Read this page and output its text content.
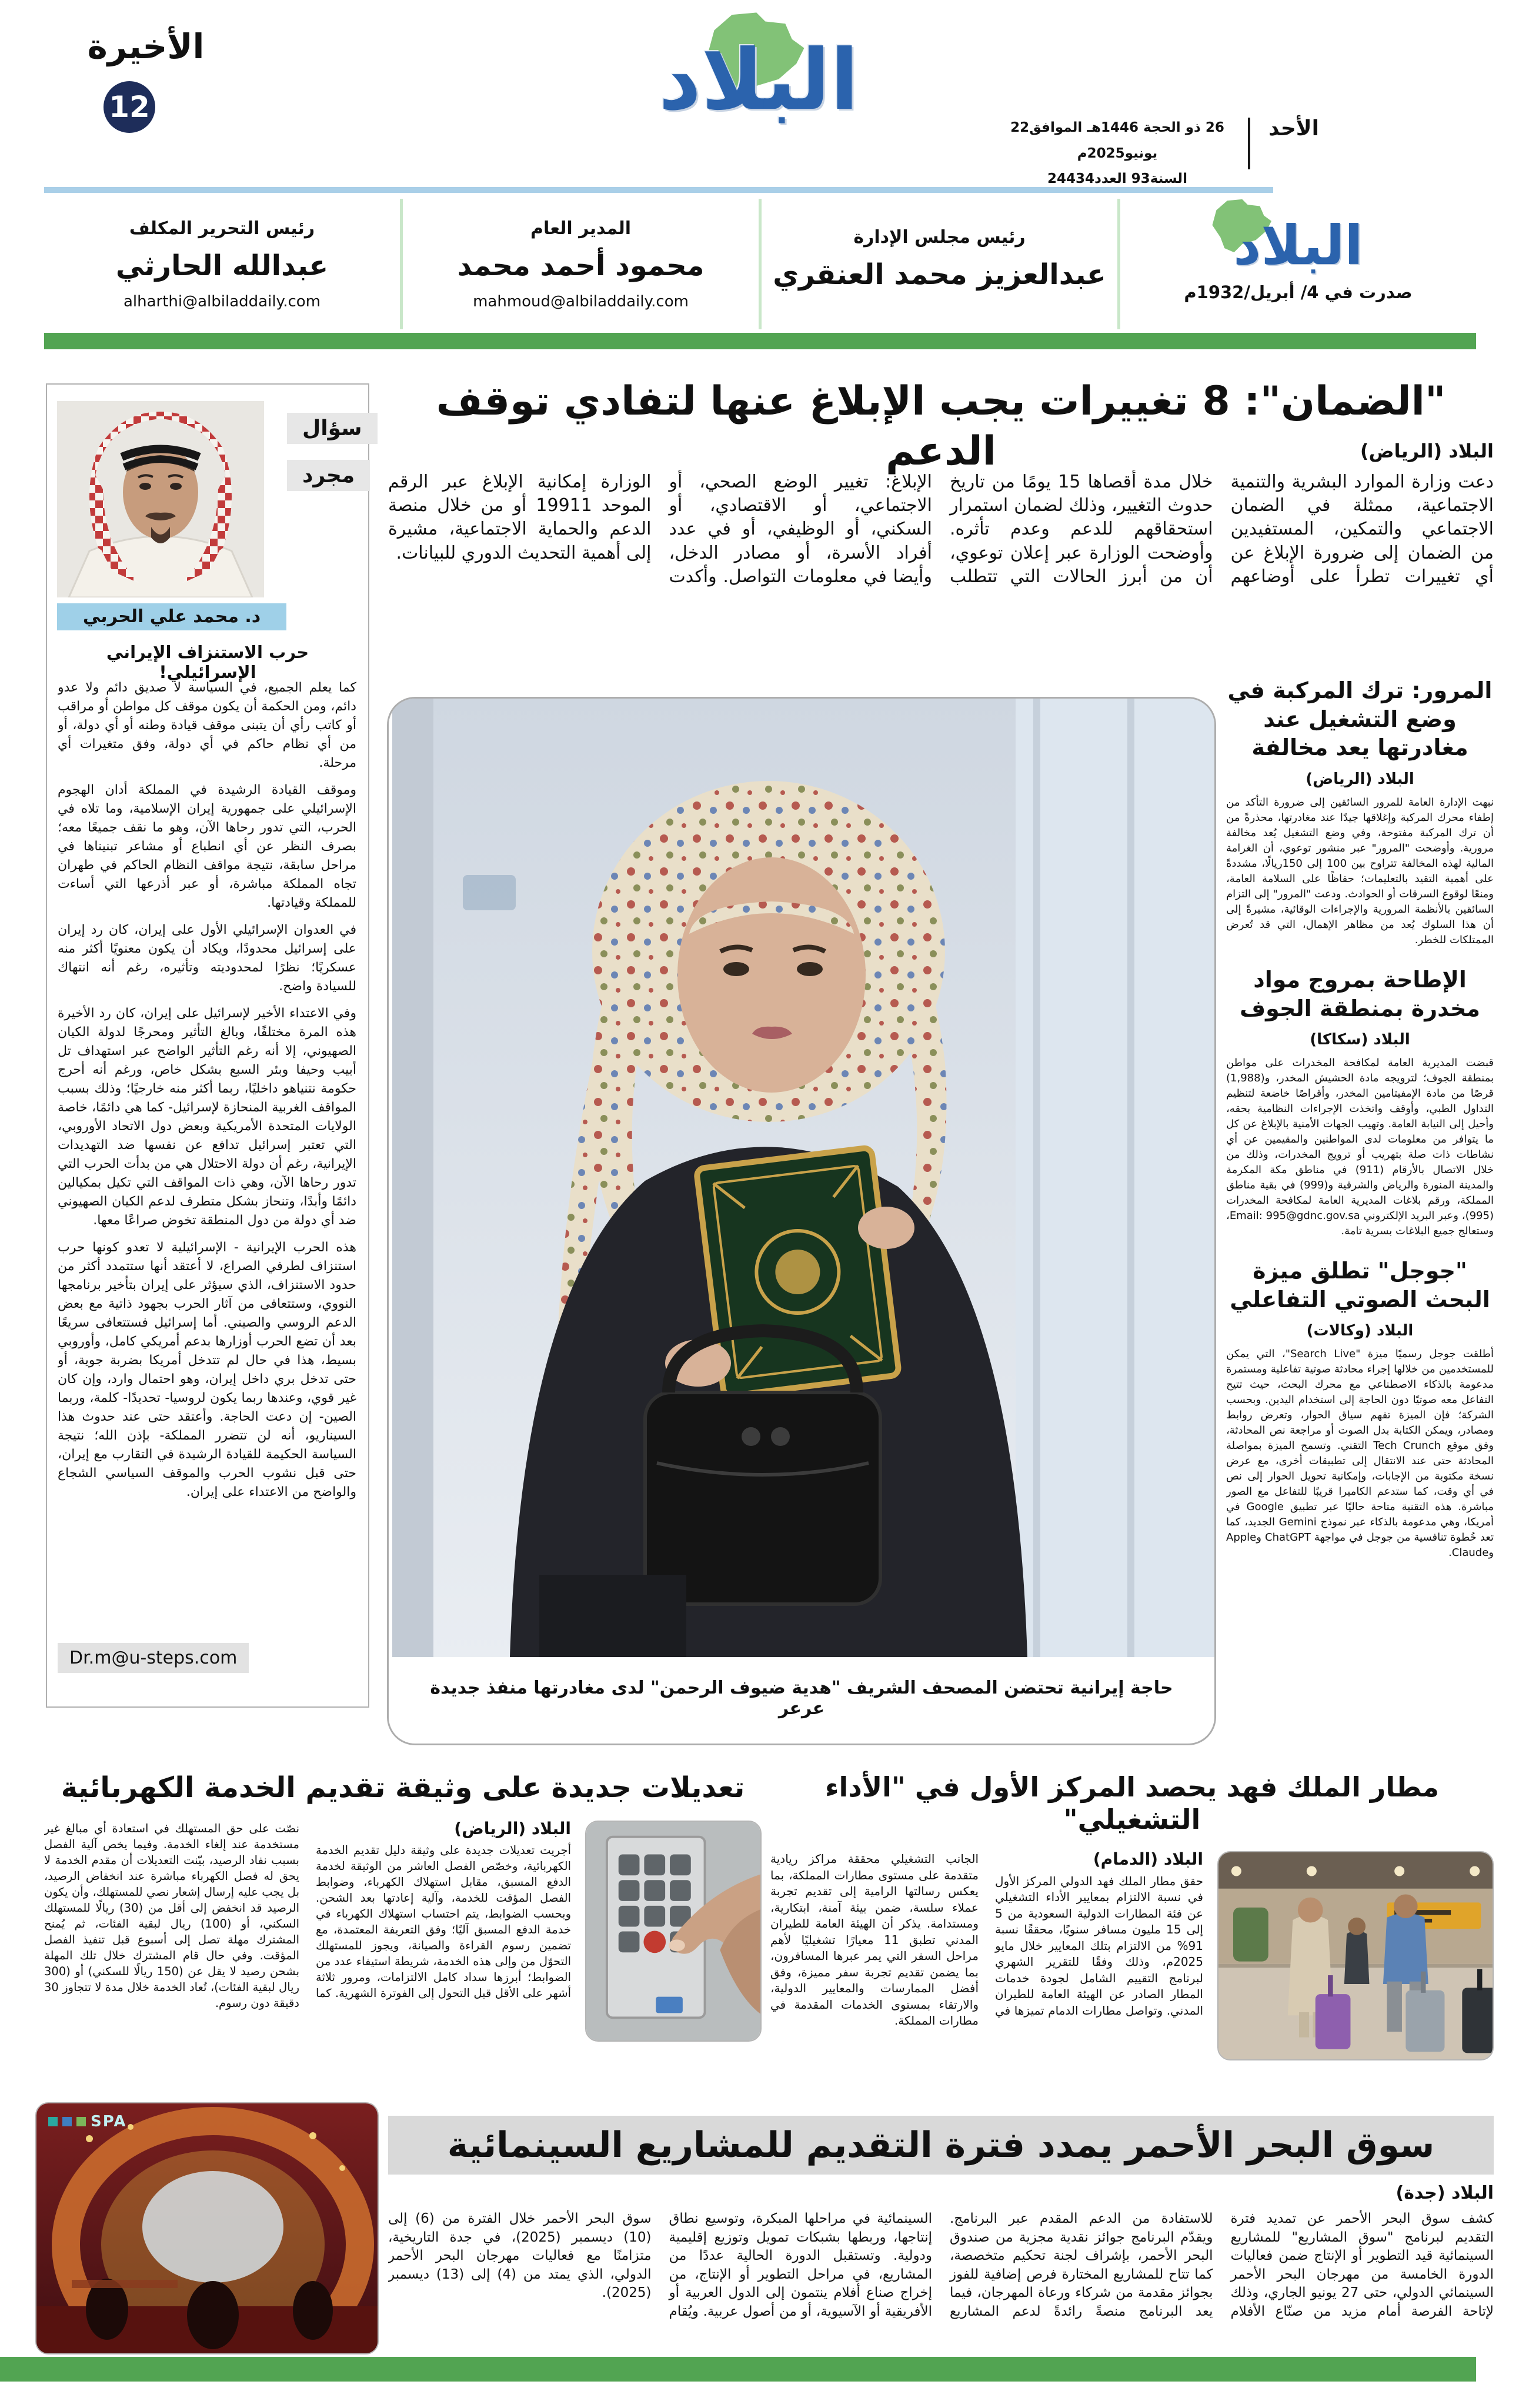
الأخيرة
12	البلاد	الأحد
26 ذو الحجة 1446هـ الموافق22 يونيو2025م
السنة93 العدد24434
البلاد
صدرت في 4/ أبريل/1932م
رئيس مجلس الإدارة
عبدالعزيز محمد العنقري
المدير العام
محمود أحمد محمد
mahmoud@albiladdaily.com
رئيس التحرير المكلف
عبدالله الحارثي
alharthi@albiladdaily.com
"الضمان": 8 تغييرات يجب الإبلاغ عنها لتفادي توقف الدعم	البلاد (الرياض)
دعت وزارة الموارد البشرية والتنمية الاجتماعية، ممثلة في الضمان الاجتماعي والتمكين، المستفيدين من الضمان إلى ضرورة الإبلاغ عن أي تغييرات تطرأ على أوضاعهم خلال مدة أقصاها 15 يومًا من تاريخ حدوث التغيير، وذلك لضمان استمرار استحقاقهم للدعم وعدم تأثره. وأوضحت الوزارة عبر إعلان توعوي، أن من أبرز الحالات التي تتطلب الإبلاغ: تغيير الوضع الصحي، أو الاجتماعي، أو الاقتصادي، أو السكني، أو الوظيفي، أو في عدد أفراد الأسرة، أو مصادر الدخل، وأيضا في معلومات التواصل. وأكدت الوزارة إمكانية الإبلاغ عبر الرقم الموحد 19911 أو من خلال منصة الدعم والحماية الاجتماعية، مشيرة إلى أهمية التحديث الدوري للبيانات.
سؤال
مجرد
د. محمد علي الحربي
حرب الاستنزاف الإيراني الإسرائيلي!

كما يعلم الجميع، في السياسة لا صديق دائم ولا عدو دائم، ومن الحكمة أن يكون موقف كل مواطن أو مراقب أو كاتب رأي أن يتبنى موقف قيادة وطنه أو أي دولة، أو من أي نظام حاكم في أي دولة، وفق متغيرات أي مرحلة.

وموقف القيادة الرشيدة في المملكة أدان الهجوم الإسرائيلي على جمهورية إيران الإسلامية، وما تلاه في الحرب، التي تدور رحاها الآن، وهو ما نقف جميعًا معه؛ بصرف النظر عن أي انطباع أو مشاعر تبنيناها في مراحل سابقة، نتيجة مواقف النظام الحاكم في طهران تجاه المملكة مباشرة، أو عبر أذرعها التي أساءت للمملكة وقيادتها.

في العدوان الإسرائيلي الأول على إيران، كان رد إيران على إسرائيل محدودًا، ويكاد أن يكون معنويًا أكثر منه عسكريًا؛ نظرًا لمحدوديته وتأثيره، رغم أنه انتهاك للسيادة واضح.

وفي الاعتداء الأخير لإسرائيل على إيران، كان رد الأخيرة هذه المرة مختلفًا، وبالغ التأثير ومحرجًا لدولة الكيان الصهيوني، إلا أنه رغم التأثير الواضح عبر استهداف تل أبيب وحيفا وبئر السبع بشكل خاص، ورغم أنه أحرج حكومة نتنياهو داخليًا، ربما أكثر منه خارجيًا؛ وذلك بسبب المواقف الغربية المنحازة لإسرائيل- كما هي دائمًا، خاصة الولايات المتحدة الأمريكية وبعض دول الاتحاد الأوروبي، التي تعتبر إسرائيل تدافع عن نفسها ضد التهديدات الإيرانية، رغم أن دولة الاحتلال هي من بدأت الحرب التي تدور رحاها الآن، وهي ذات المواقف التي تكيل بمكيالين دائمًا وأبدًا، وتنحاز بشكل متطرف لدعم الكيان الصهيوني ضد أي دولة من دول المنطقة تخوض صراعًا معها.

هذه الحرب الإيرانية - الإسرائيلية لا تعدو كونها حرب استنزاف لطرفي الصراع، لا أعتقد أنها ستتمدد أكثر من حدود الاستنزاف، الذي سيؤثر على إيران بتأخير برنامجها النووي، وستتعافى من آثار الحرب بجهود ذاتية مع بعض الدعم الروسي والصيني. أما إسرائيل فستتعافى سريعًا بعد أن تضع الحرب أوزارها بدعم أمريكي كامل، وأوروبي بسيط، هذا في حال لم تتدخل أمريكا بضربة جوية، أو حتى تدخل بري داخل إيران، وهو احتمال وارد، وإن كان غير قوي، وعندها ربما يكون لروسيا- تحديدًا- كلمة، وربما الصين- إن دعت الحاجة. وأعتقد حتى عند حدوث هذا السيناريو، أنه لن تتضرر المملكة- بإذن الله؛ نتيجة السياسة الحكيمة للقيادة الرشيدة في التقارب مع إيران، حتى قبل نشوب الحرب والموقف السياسي الشجاع والواضح من الاعتداء على إيران.

Dr.m@u-steps.com
حاجة إيرانية تحتضن المصحف الشريف "هدية ضيوف الرحمن" لدى مغادرتها منفذ جديدة عرعر
المرور: ترك المركبة في وضع التشغيل عند مغادرتها يعد مخالفة
البلاد (الرياض)
نبهت الإدارة العامة للمرور السائقين إلى ضرورة التأكد من إطفاء محرك المركبة وإغلاقها جيدًا عند مغادرتها، محذرةً من أن ترك المركبة مفتوحة، وفي وضع التشغيل يُعد مخالفة مرورية. وأوضحت "المرور" عبر منشور توعوي، أن الغرامة المالية لهذه المخالفة تتراوح بين 100 إلى 150ريالًا، مشددةً على أهمية التقيد بالتعليمات؛ حفاظًا على السلامة العامة، ومنعًا لوقوع السرقات أو الحوادث. ودعت "المرور" إلى التزام السائقين بالأنظمة المرورية والإجراءات الوقائية، مشيرةً إلى أن هذا السلوك يُعد من مظاهر الإهمال، التي قد تُعرض الممتلكات للخطر.
الإطاحة بمروج مواد مخدرة بمنطقة الجوف
البلاد (سكاكا)
قبضت المديرية العامة لمكافحة المخدرات على مواطن بمنطقة الجوف؛ لترويجه مادة الحشيش المخدر، و(1,988) قرصًا من مادة الإمفيتامين المخدر، وأقراصًا خاضعة لتنظيم التداول الطبي، وأوقف واتخذت الإجراءات النظامية بحقه، وأحيل إلى النيابة العامة. وتهيب الجهات الأمنية بالإبلاغ عن كل ما يتوافر من معلومات لدى المواطنين والمقيمين عن أي نشاطات ذات صلة بتهريب أو ترويج المخدرات، وذلك من خلال الاتصال بالأرقام (911) في مناطق مكة المكرمة والمدينة المنورة والرياض والشرقية و(999) في بقية مناطق المملكة، ورقم بلاغات المديرية العامة لمكافحة المخدرات (995)، وعبر البريد الإلكتروني Email: 995@gdnc.gov.sa، وستعالج جميع البلاغات بسرية تامة.
"جوجل" تطلق ميزة البحث الصوتي التفاعلي
البلاد (وكالات)
أطلقت جوجل رسميًا ميزة "Search Live"، التي يمكن للمستخدمين من خلالها إجراء محادثة صوتية تفاعلية ومستمرة مدعومة بالذكاء الاصطناعي مع محرك البحث، حيث تتيح التفاعل معه صوتيًا دون الحاجة إلى استخدام اليدين. وبحسب الشركة؛ فإن الميزة تفهم سياق الحوار، وتعرض روابط ومصادر، ويمكن الكتابة بدل الصوت أو مراجعة نص المحادثة، وفق موقع Tech Crunch التقني. وتسمح الميزة بمواصلة المحادثة حتى عند الانتقال إلى تطبيقات أخرى، مع عرض نسخة مكتوبة من الإجابات، وإمكانية تحويل الحوار إلى نص في أي وقت، كما ستدعم الكاميرا قريبًا للتفاعل مع الصور مباشرة. هذه التقنية متاحة حاليًا عبر تطبيق Google في أمريكا، وهي مدعومة بالذكاء عبر نموذج Gemini الجديد، كما تعد خُطوة تنافسية من جوجل في مواجهة ChatGPT وApple وClaude.
مطار الملك فهد يحصد المركز الأول في "الأداء التشغيلي"
البلاد (الدمام)
حقق مطار الملك فهد الدولي المركز الأول في نسبة الالتزام بمعايير الأداء التشغيلي عن فئة المطارات الدولية السعودية من 5 إلى 15 مليون مسافر سنويًا، محققًا نسبة 91% من الالتزام بتلك المعايير خلال مايو 2025م، وذلك وفقًا للتقرير الشهري لبرنامج التقييم الشامل لجودة خدمات المطار الصادر عن الهيئة العامة للطيران المدني. وتواصل مطارات الدمام تميزها في الجانب التشغيلي محققة مراكز ريادية متقدمة على مستوى مطارات المملكة، بما يعكس رسالتها الرامية إلى تقديم تجربة عملاء سلسة، ضمن بيئة آمنة، ابتكارية، ومستدامة. يذكر أن الهيئة العامة للطيران المدني تطبق 11 معيارًا تشغيليًا لأهم مراحل السفر التي يمر عبرها المسافرون، بما يضمن تقديم تجربة سفر مميزة، وفق أفضل الممارسات والمعايير الدولية، والارتقاء بمستوى الخدمات المقدمة في مطارات المملكة.
تعديلات جديدة على وثيقة تقديم الخدمة الكهربائية
البلاد (الرياض)
أجريت تعديلات جديدة على وثيقة دليل تقديم الخدمة الكهربائية، وخصّص الفصل العاشر من الوثيقة لخدمة الدفع المسبق، مقابل استهلاك الكهرباء، وضوابط الفصل المؤقت للخدمة، وآلية إعادتها بعد الشحن. وبحسب الضوابط، يتم احتساب استهلاك الكهرباء في خدمة الدفع المسبق آليًا؛ وفق التعريفة المعتمدة، مع تضمين رسوم القراءة والصيانة، ويجوز للمستهلك التحوّل من وإلى هذه الخدمة، شريطة استيفاء عدد من الضوابط؛ أبرزها سداد كامل الالتزامات، ومرور ثلاثة أشهر على الأقل قبل التحول إلى الفوترة الشهرية. كما نصّت على حق المستهلك في استعادة أي مبالغ غير مستخدمة عند إلغاء الخدمة. وفيما يخص آلية الفصل بسبب نفاد الرصيد، بيّنت التعديلات أن مقدم الخدمة لا يحق له فصل الكهرباء مباشرة عند انخفاض الرصيد، بل يجب عليه إرسال إشعار نصي للمستهلك، وأن يكون الرصيد قد انخفض إلى أقل من (30) ريالًا للمستهلك السكني، أو (100) ريال لبقية الفئات، ثم يُمنح المشترك مهلة تصل إلى أسبوع قبل تنفيذ الفصل المؤقت. وفي حال قام المشترك خلال تلك المهلة بشحن رصيد لا يقل عن (150 ريالًا للسكني) أو (300 ريال لبقية الفئات)، تُعاد الخدمة خلال مدة لا تتجاوز 30 دقيقة دون رسوم.
SPA
سوق البحر الأحمر يمدد فترة التقديم للمشاريع السينمائية
البلاد (جدة)
كشف سوق البحر الأحمر عن تمديد فترة التقديم لبرنامج "سوق المشاريع" للمشاريع السينمائية قيد التطوير أو الإنتاج ضمن فعاليات الدورة الخامسة من مهرجان البحر الأحمر السينمائي الدولي، حتى 27 يونيو الجاري، وذلك لإتاحة الفرصة أمام مزيد من صنّاع الأفلام للاستفادة من الدعم المقدم عبر البرنامج. ويقدّم البرنامج جوائز نقدية مجزية من صندوق البحر الأحمر، بإشراف لجنة تحكيم متخصصة، كما تتاح للمشاريع المختارة فرص إضافية للفوز بجوائز مقدمة من شركاء ورعاة المهرجان، فيما يعد البرنامج منصةً رائدةً لدعم المشاريع السينمائية في مراحلها المبكرة، وتوسيع نطاق إنتاجها، وربطها بشبكات تمويل وتوزيع إقليمية ودولية. وتستقبل الدورة الحالية عددًا من المشاريع، في مراحل التطوير أو الإنتاج، من إخراج صناع أفلام ينتمون إلى الدول العربية أو الأفريقية أو الآسيوية، أو من أصول عربية. ويُقام سوق البحر الأحمر خلال الفترة من (6) إلى (10) ديسمبر (2025)، في جدة التاريخية، متزامنًا مع فعاليات مهرجان البحر الأحمر الدولي، الذي يمتد من (4) إلى (13) ديسمبر (2025).
